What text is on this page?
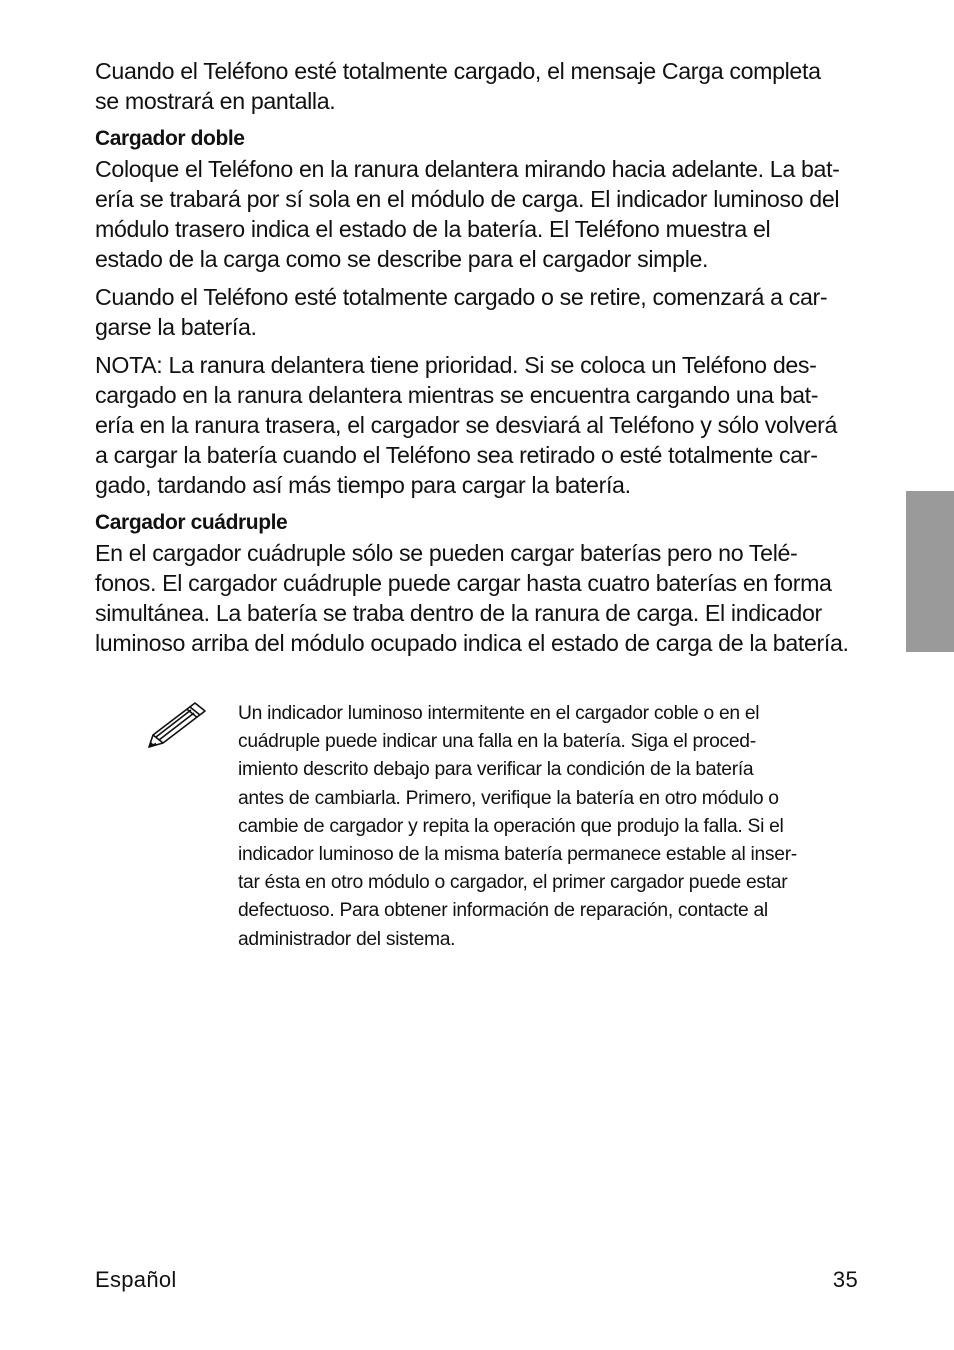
Cuando el Teléfono esté totalmente cargado, el mensaje Carga completa
se mostrará en pantalla.

Cargador doble

Coloque el Teléfono en la ranura delantera mirando hacia adelante. La bat-
ería se trabará por sí sola en el módulo de carga. El indicador luminoso del
módulo trasero indica el estado de la batería. El Teléfono muestra el
estado de la carga como se describe para el cargador simple.

Cuando el Teléfono esté totalmente cargado o se retire, comenzará a car-
garse la batería.

NOTA: La ranura delantera tiene prioridad. Si se coloca un Teléfono des-
cargado en la ranura delantera mientras se encuentra cargando una bat-
ería en la ranura trasera, el cargador se desviará al Teléfono y sólo volverá
a cargar la batería cuando el Teléfono sea retirado o esté totalmente car-
gado, tardando así más tiempo para cargar la batería.

Cargador cuádruple

En el cargador cuádruple sólo se pueden cargar baterías pero no Telé-
fonos. El cargador cuádruple puede cargar hasta cuatro baterías en forma
simultánea. La batería se traba dentro de la ranura de carga. El indicador
luminoso arriba del módulo ocupado indica el estado de carga de la batería.

Un indicador luminoso intermitente en el cargador coble o en el
cuádruple puede indicar una falla en la batería. Siga el proced-
imiento descrito debajo para verificar la condición de la batería
antes de cambiarla. Primero, verifique la batería en otro módulo o
cambie de cargador y repita la operación que produjo la falla. Si el
indicador luminoso de la misma batería permanece estable al inser-
tar ésta en otro módulo o cargador, el primer cargador puede estar
defectuoso. Para obtener información de reparación, contacte al
administrador del sistema.
Español	35
